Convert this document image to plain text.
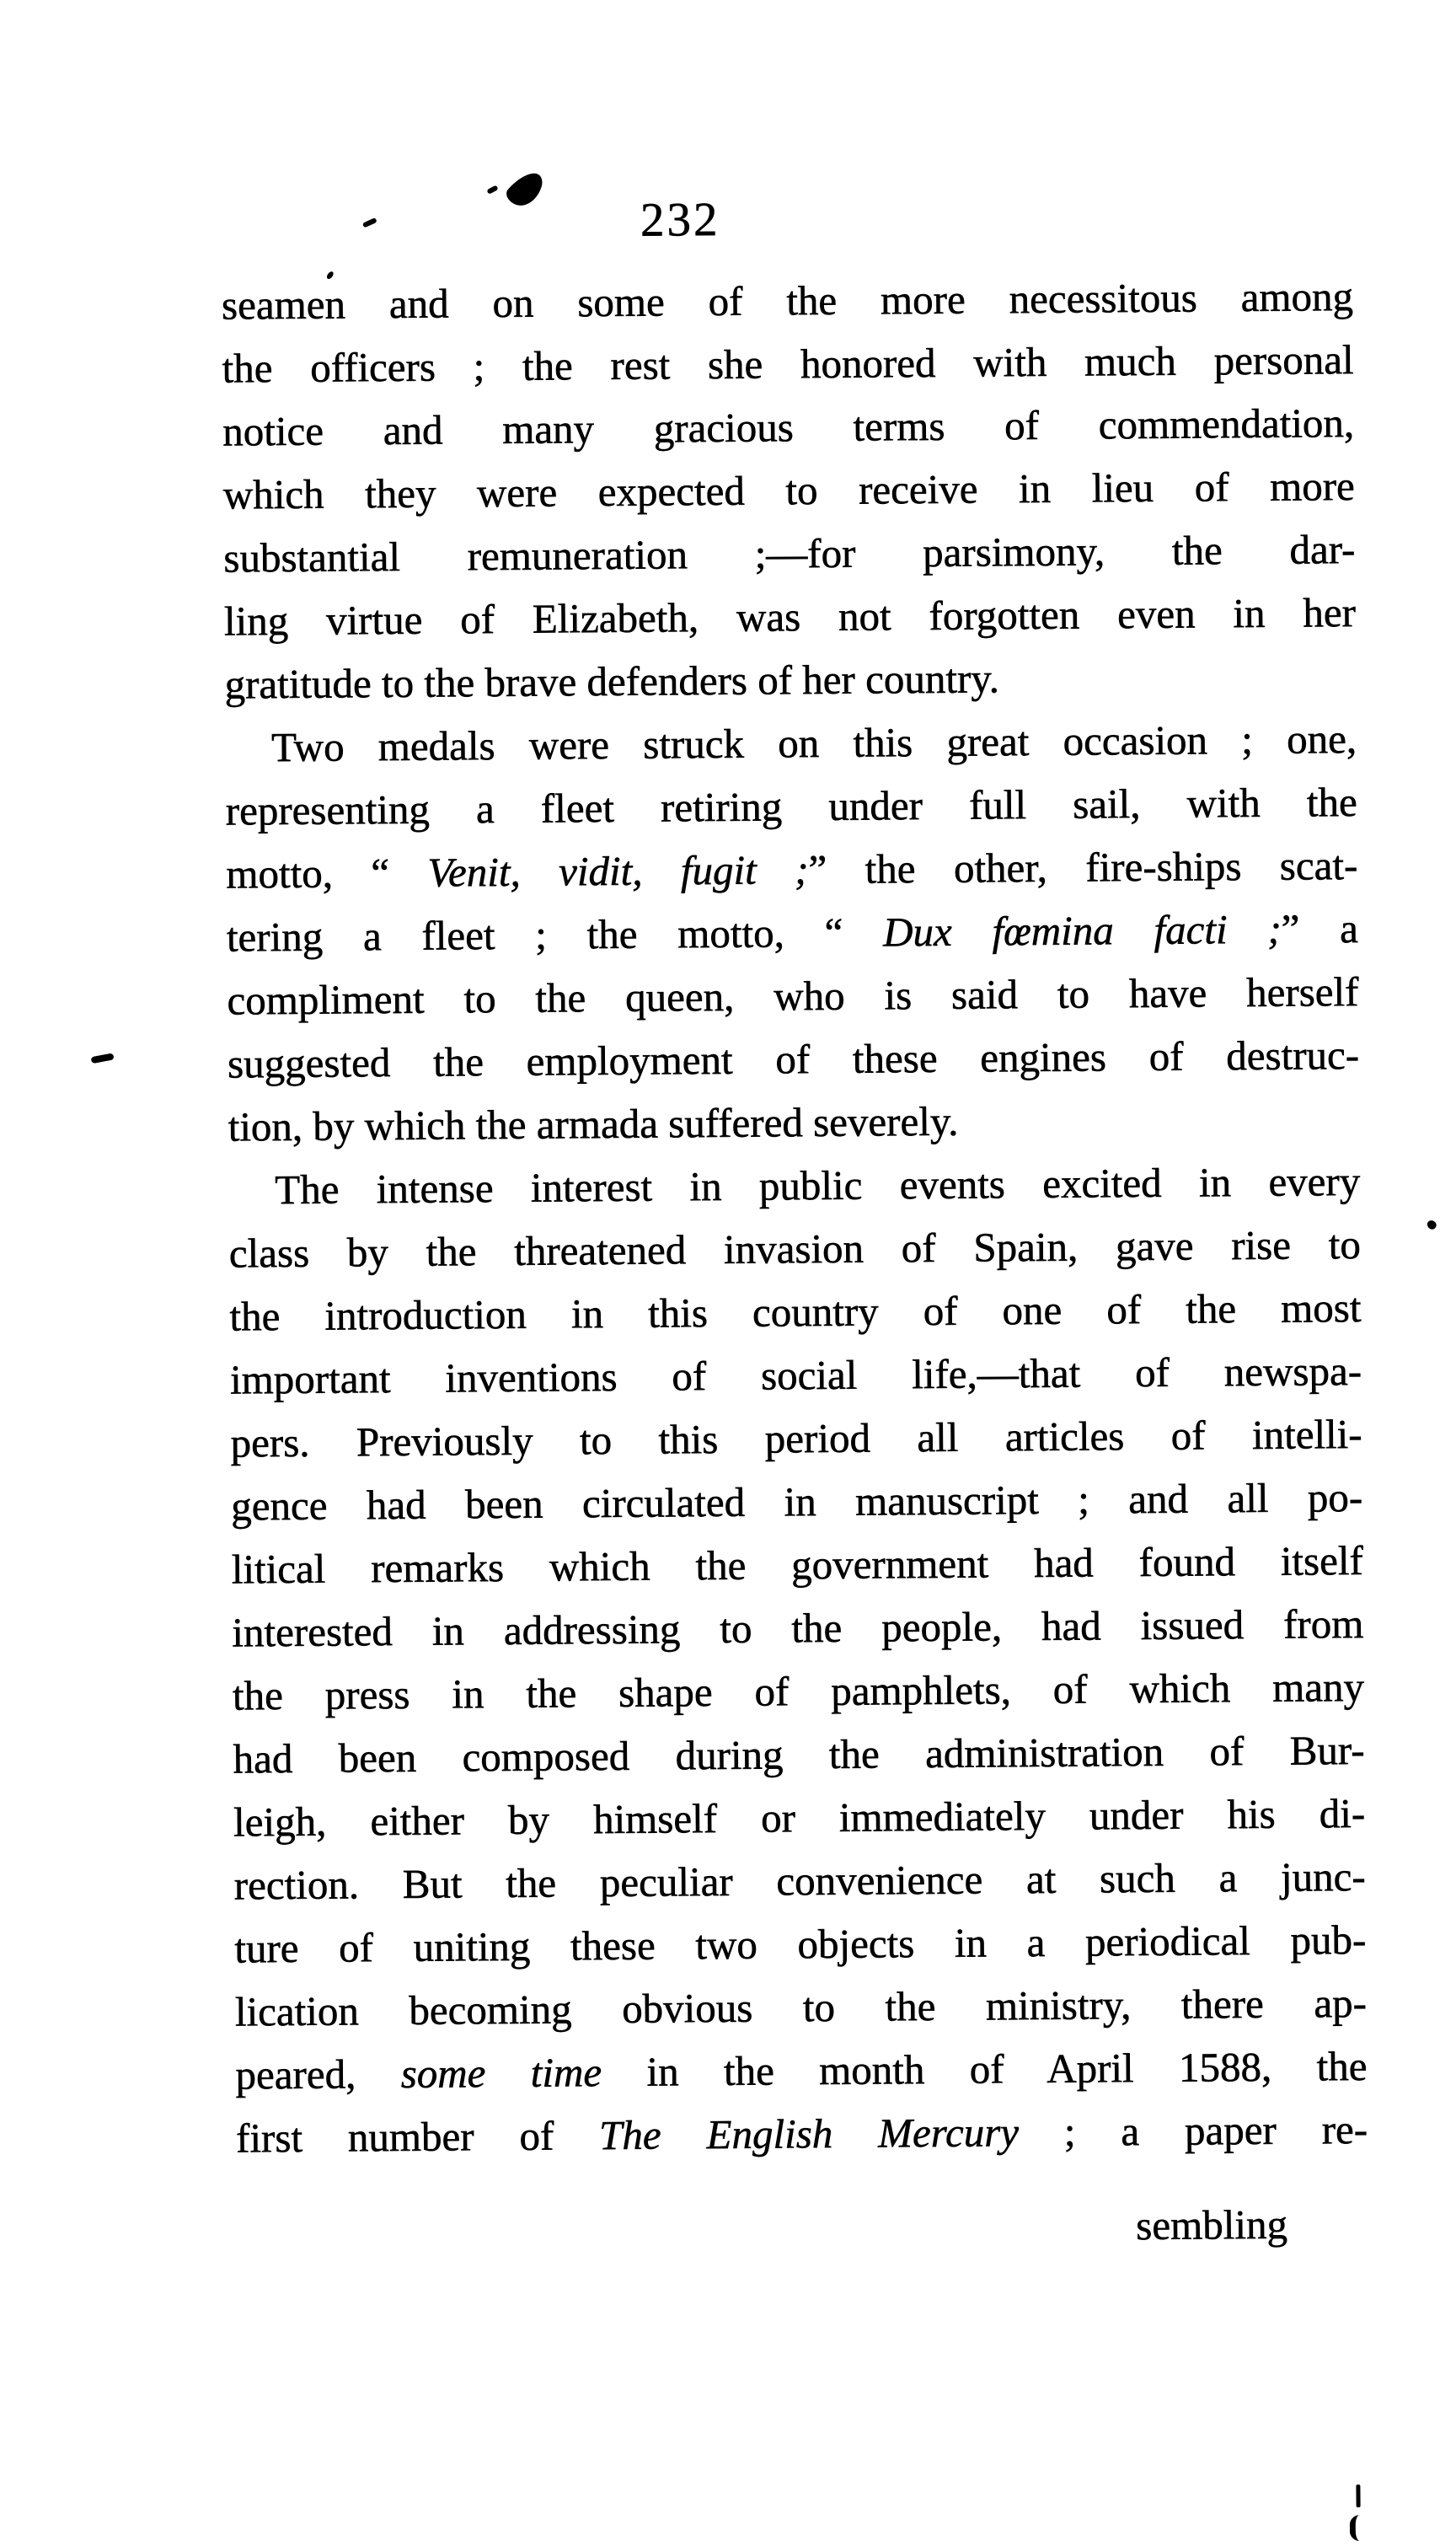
232
seamen and on some of the more necessitous among
the officers ; the rest she honored with much personal
notice and many gracious terms of commendation,
which they were expected to receive in lieu of more
substantial remuneration ;—for parsimony, the dar-
ling virtue of Elizabeth, was not forgotten even in her
gratitude to the brave defenders of her country.
Two medals were struck on this great occasion ; one,
representing a fleet retiring under full sail, with the
motto, “ Venit, vidit, fugit ;” the other, fire-ships scat-
tering a fleet ; the motto, “ Dux fœmina facti ;” a
compliment to the queen, who is said to have herself
suggested the employment of these engines of destruc-
tion, by which the armada suffered severely.
The intense interest in public events excited in every
class by the threatened invasion of Spain, gave rise to
the introduction in this country of one of the most
important inventions of social life,—that of newspa-
pers. Previously to this period all articles of intelli-
gence had been circulated in manuscript ; and all po-
litical remarks which the government had found itself
interested in addressing to the people, had issued from
the press in the shape of pamphlets, of which many
had been composed during the administration of Bur-
leigh, either by himself or immediately under his di-
rection. But the peculiar convenience at such a junc-
ture of uniting these two objects in a periodical pub-
lication becoming obvious to the ministry, there ap-
peared, some time in the month of April 1588, the
first number of The English Mercury ; a paper re-
sembling
